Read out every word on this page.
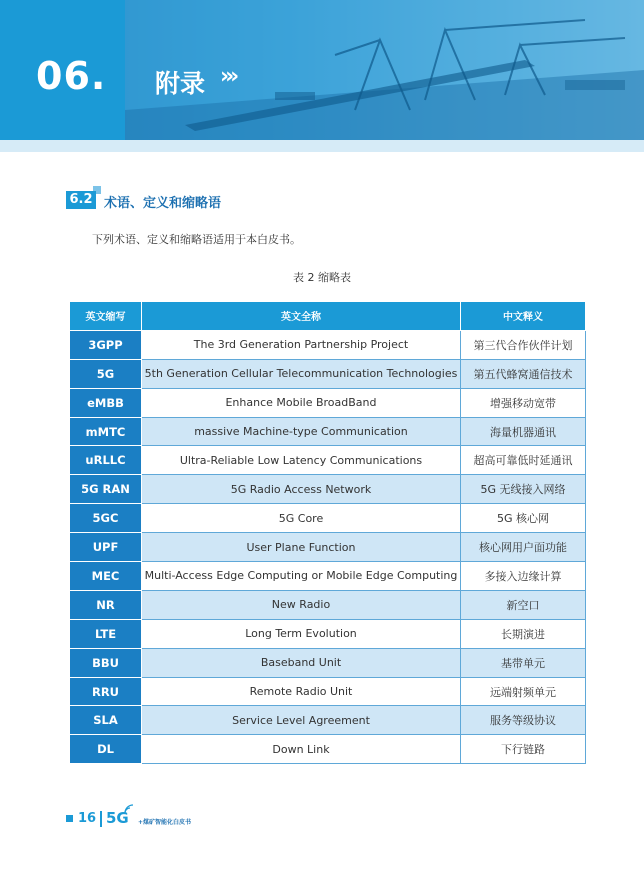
06. 附录 ›››
6.2 术语、定义和缩略语
下列术语、定义和缩略语适用于本白皮书。
表 2 缩略表
英文缩写	英文全称	中文释义
3GPP	The 3rd Generation Partnership Project	第三代合作伙伴计划
5G	5th Generation Cellular Telecommunication Technologies	第五代蜂窝通信技术
eMBB	Enhance Mobile BroadBand	增强移动宽带
mMTC	massive Machine-type Communication	海量机器通讯
uRLLC	Ultra-Reliable Low Latency Communications	超高可靠低时延通讯
5G RAN	5G Radio Access Network	5G 无线接入网络
5GC	5G Core	5G 核心网
UPF	User Plane Function	核心网用户面功能
MEC	Multi-Access Edge Computing or Mobile Edge Computing	多接入边缘计算
NR	New Radio	新空口
LTE	Long Term Evolution	长期演进
BBU	Baseband Unit	基带单元
RRU	Remote Radio Unit	远端射频单元
SLA	Service Level Agreement	服务等级协议
DL	Down Link	下行链路
16 5G +煤矿智能化白皮书
